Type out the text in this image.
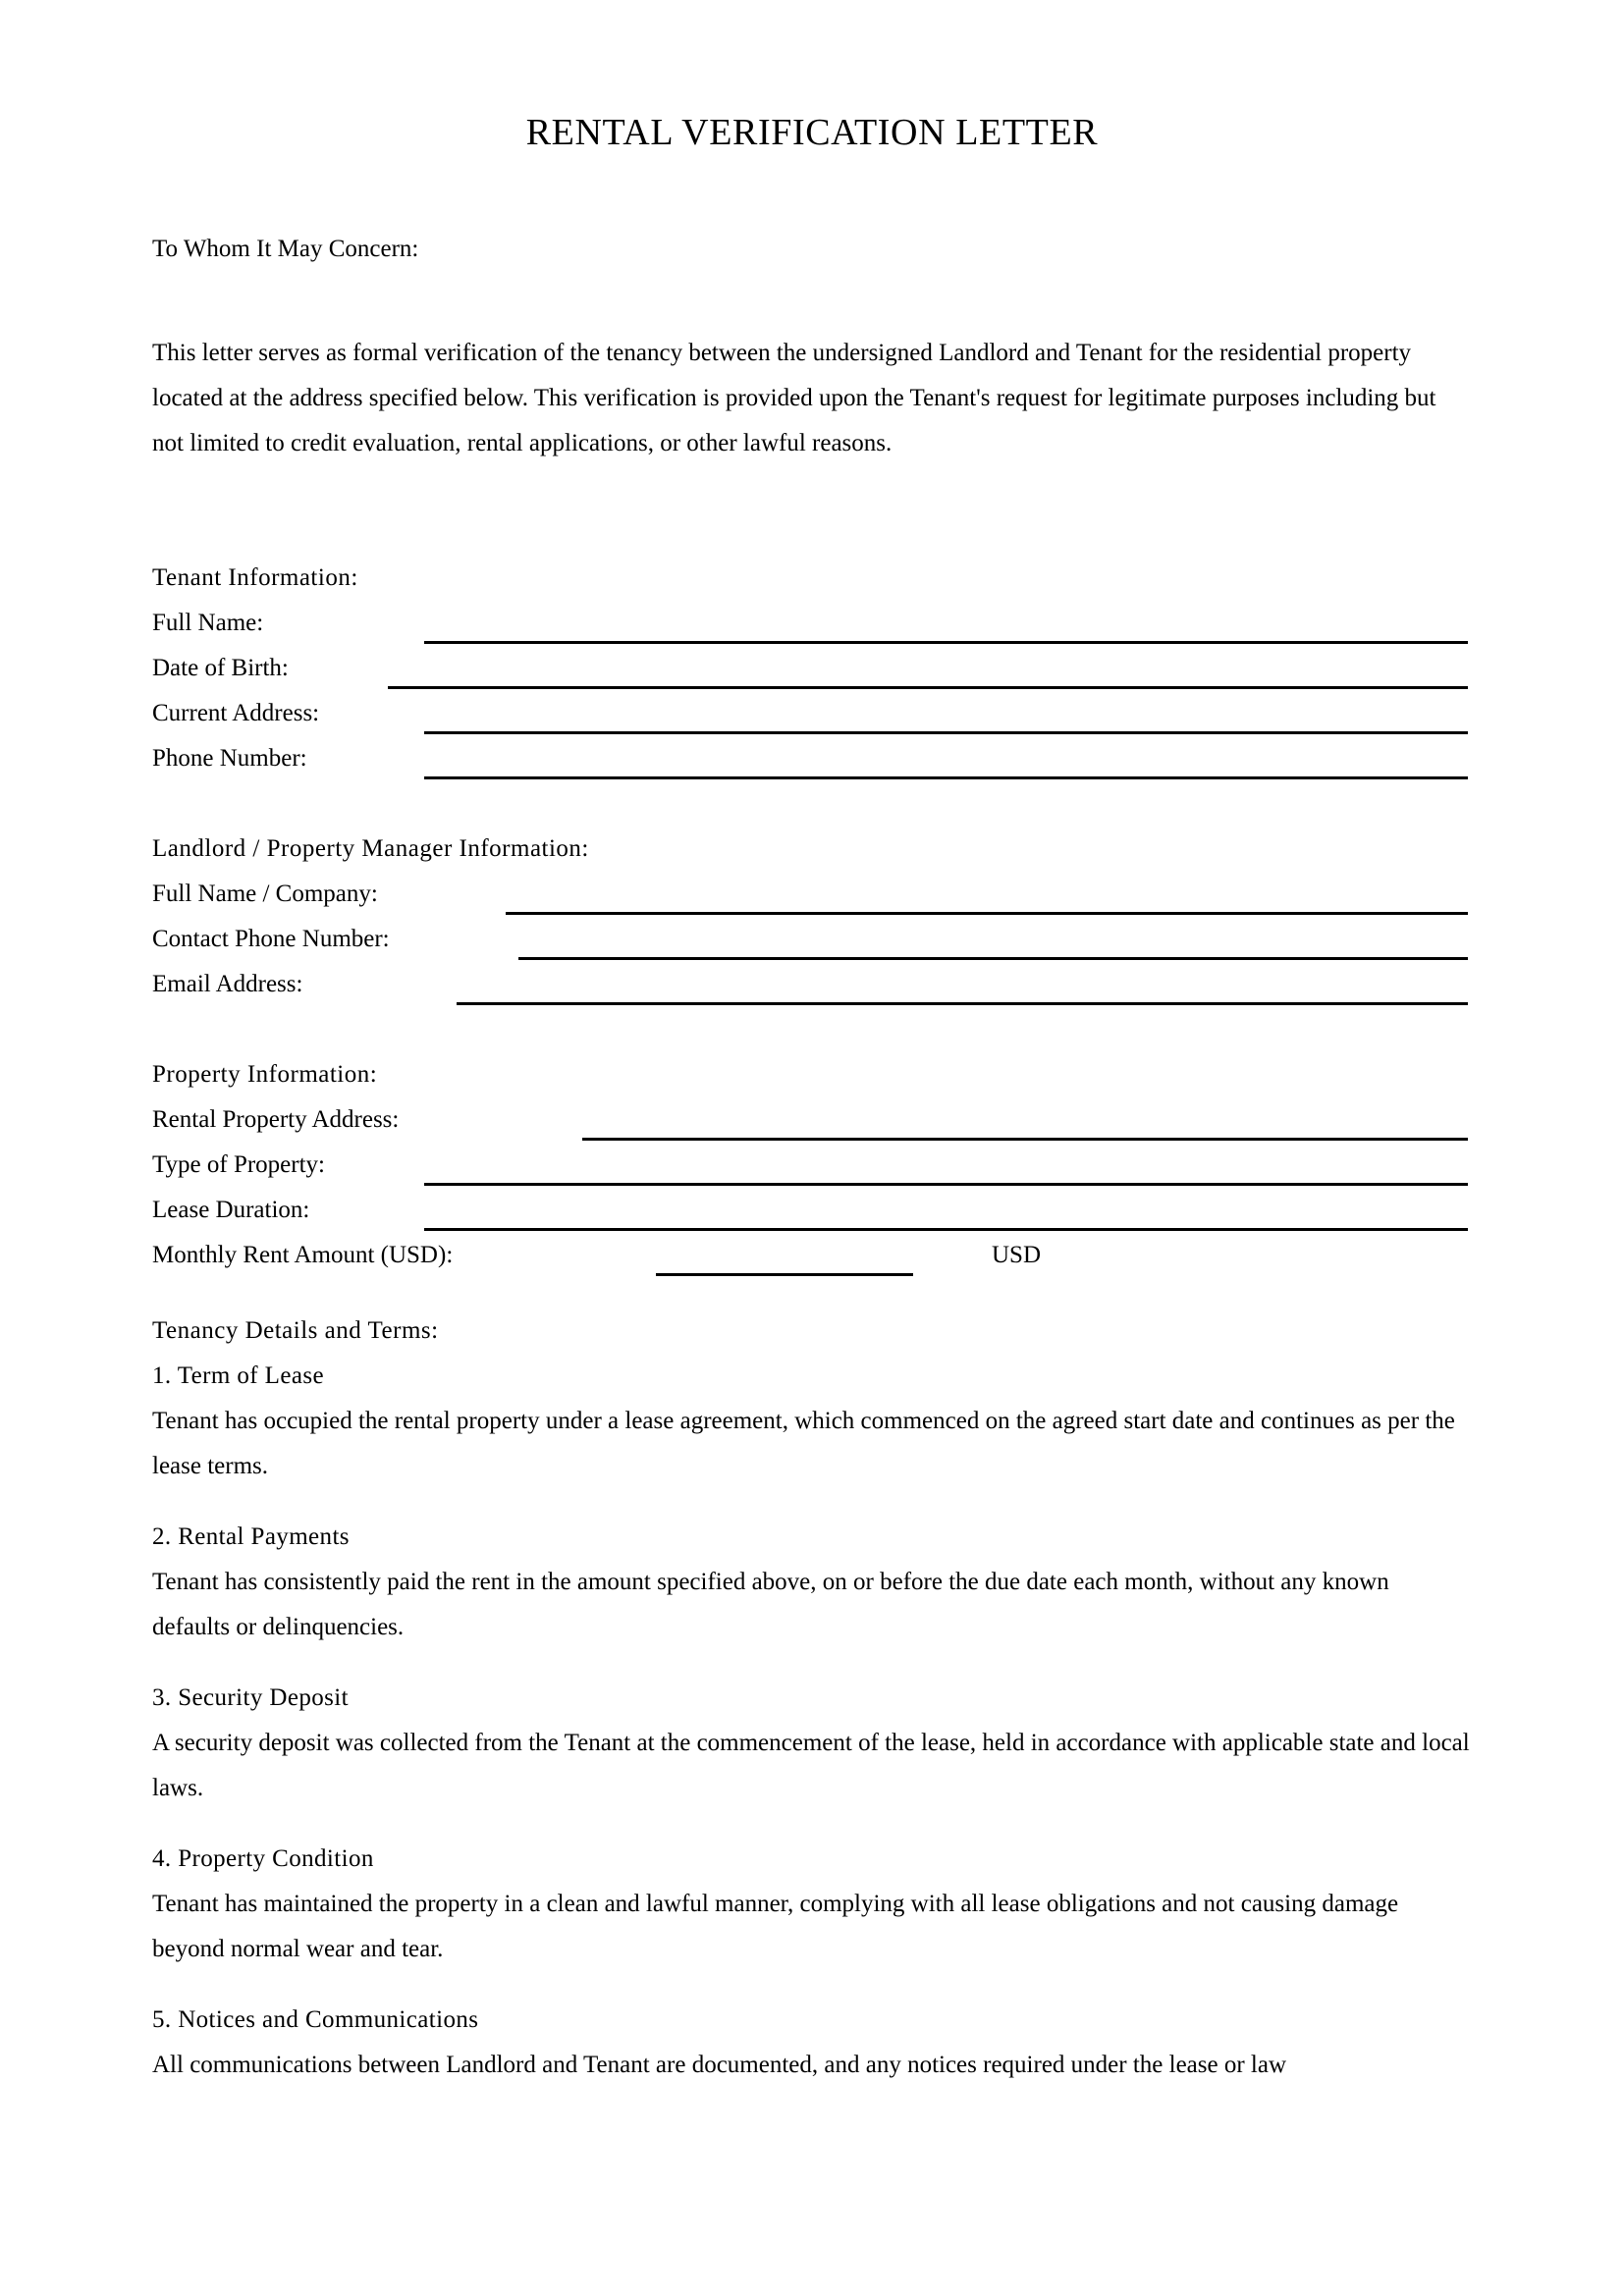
RENTAL VERIFICATION LETTER
To Whom It May Concern:
This letter serves as formal verification of the tenancy between the undersigned Landlord and Tenant for the residential property located at the address specified below. This verification is provided upon the Tenant's request for legitimate purposes including but not limited to credit evaluation, rental applications, or other lawful reasons.
Tenant Information:
Full Name:
Date of Birth:
Current Address:
Phone Number:
Landlord / Property Manager Information:
Full Name / Company:
Contact Phone Number:
Email Address:
Property Information:
Rental Property Address:
Type of Property:
Lease Duration:
Monthly Rent Amount (USD):	USD
Tenancy Details and Terms:
1. Term of Lease
Tenant has occupied the rental property under a lease agreement, which commenced on the agreed start date and continues as per the lease terms.
2. Rental Payments
Tenant has consistently paid the rent in the amount specified above, on or before the due date each month, without any known defaults or delinquencies.
3. Security Deposit
A security deposit was collected from the Tenant at the commencement of the lease, held in accordance with applicable state and local laws.
4. Property Condition
Tenant has maintained the property in a clean and lawful manner, complying with all lease obligations and not causing damage beyond normal wear and tear.
5. Notices and Communications
All communications between Landlord and Tenant are documented, and any notices required under the lease or law
